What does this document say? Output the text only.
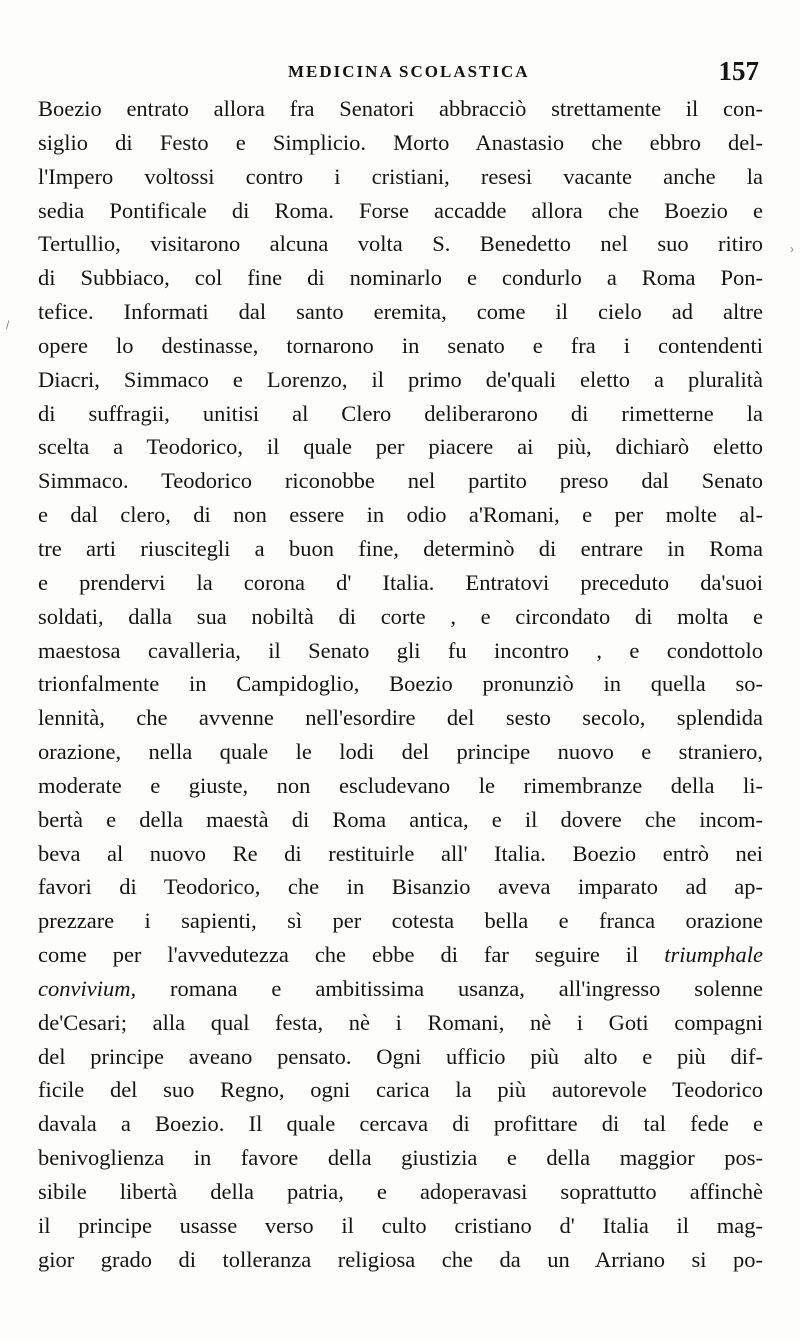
MEDICINA SCOLASTICA	157
Boezio entrato allora fra Senatori abbracciò strettamente il con-
siglio di Festo e Simplicio. Morto Anastasio che ebbro del-
l'Impero voltossi contro i cristiani, resesi vacante anche la
sedia Pontificale di Roma. Forse accadde allora che Boezio e
Tertullio, visitarono alcuna volta S. Benedetto nel suo ritiro
di Subbiaco, col fine di nominarlo e condurlo a Roma Pon-
tefice. Informati dal santo eremita, come il cielo ad altre
opere lo destinasse, tornarono in senato e fra i contendenti
Diacri, Simmaco e Lorenzo, il primo de'quali eletto a pluralità
di suffragii, unitisi al Clero deliberarono di rimetterne la
scelta a Teodorico, il quale per piacere ai più, dichiarò eletto
Simmaco. Teodorico riconobbe nel partito preso dal Senato
e dal clero, di non essere in odio a'Romani, e per molte al-
tre arti riuscitegli a buon fine, determinò di entrare in Roma
e prendervi la corona d' Italia. Entratovi preceduto da'suoi
soldati, dalla sua nobiltà di corte , e circondato di molta e
maestosa cavalleria, il Senato gli fu incontro , e condottolo
trionfalmente in Campidoglio, Boezio pronunziò in quella so-
lennità, che avvenne nell'esordire del sesto secolo, splendida
orazione, nella quale le lodi del principe nuovo e straniero,
moderate e giuste, non escludevano le rimembranze della li-
bertà e della maestà di Roma antica, e il dovere che incom-
beva al nuovo Re di restituirle all' Italia. Boezio entrò nei
favori di Teodorico, che in Bisanzio aveva imparato ad ap-
prezzare i sapienti, sì per cotesta bella e franca orazione
come per l'avvedutezza che ebbe di far seguire il triumphale
convivium, romana e ambitissima usanza, all'ingresso solenne
de'Cesari; alla qual festa, nè i Romani, nè i Goti compagni
del principe aveano pensato. Ogni ufficio più alto e più dif-
ficile del suo Regno, ogni carica la più autorevole Teodorico
davala a Boezio. Il quale cercava di profittare di tal fede e
benivoglienza in favore della giustizia e della maggior pos-
sibile libertà della patria, e adoperavasi soprattutto affinchè
il principe usasse verso il culto cristiano d' Italia il mag-
gior grado di tolleranza religiosa che da un Arriano si po-
›
/
